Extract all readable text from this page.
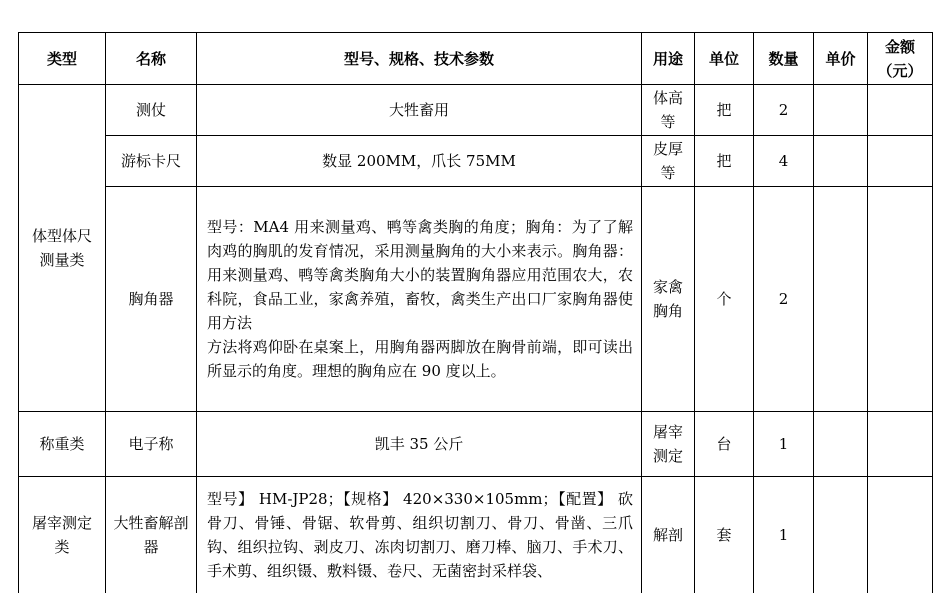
类型	名称	型号、规格、技术参数	用途	单位	数量	单价	金额
（元）

体型体尺测量类	测仗	大牲畜用	体高等	把	2		
	游标卡尺	数显 200MM，爪长 75MM	皮厚等	把	4		
	胸角器	型号：MA4 用来测量鸡、鸭等禽类胸的角度；胸角：为了了解肉鸡的胸肌的发育情况，采用测量胸角的大小来表示。胸角器：用来测量鸡、鸭等禽类胸角大小的装置胸角器应用范围农大，农科院，食品工业，家禽养殖，畜牧，禽类生产出口厂家胸角器使用方法
方法将鸡仰卧在桌案上，用胸角器两脚放在胸骨前端，即可读出所显示的角度。理想的胸角应在 90 度以上。	家禽胸角	个	2		
称重类	电子称	凯丰 35 公斤	屠宰测定	台	1		
屠宰测定类	大牲畜解剖器	型号】 HM-JP28；【规格】 420×330×105mm；【配置】 砍骨刀、骨锤、骨锯、软骨剪、组织切割刀、骨刀、骨凿、三爪钩、组织拉钩、剥皮刀、冻肉切割刀、磨刀棒、脑刀、手术刀、手术剪、组织镊、敷料镊、卷尺、无菌密封采样袋、	解剖	套	1		
